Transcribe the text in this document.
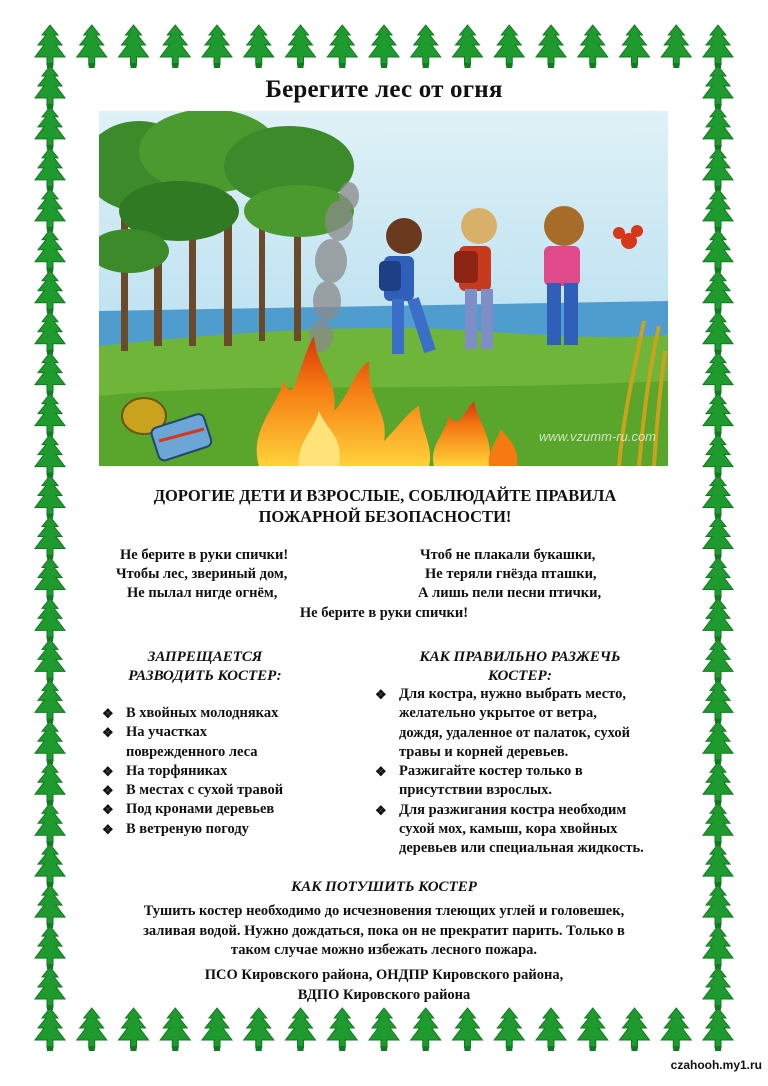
Берегите лес от огня
www.vzumm-ru.com
ДОРОГИЕ ДЕТИ И ВЗРОСЛЫЕ, СОБЛЮДАЙТЕ ПРАВИЛА
ПОЖАРНОЙ БЕЗОПАСНОСТИ!
Не берите в руки спички!
Чтобы лес, звериный дом,
Не пылал нигде огнём,
Чтоб не плакали букашки,
Не теряли гнёзда пташки,
А лишь пели песни птички,
Не берите в руки спички!
ЗАПРЕЩАЕТСЯ
РАЗВОДИТЬ КОСТЕР:
❖ В хвойных молодняках
❖ На участках
поврежденного леса
❖ На торфяниках
❖ В местах с сухой травой
❖ Под кронами деревьев
❖ В ветреную погоду
КАК ПРАВИЛЬНО РАЗЖЕЧЬ
КОСТЕР:
❖ Для костра, нужно выбрать место,
желательно укрытое от ветра,
дождя, удаленное от палаток, сухой
травы и корней деревьев.
❖ Разжигайте костер только в
присутствии взрослых.
❖ Для разжигания костра необходим
сухой мох, камыш, кора хвойных
деревьев или специальная жидкость.
КАК ПОТУШИТЬ КОСТЕР
Тушить костер необходимо до исчезновения тлеющих углей и головешек,
заливая водой. Нужно дождаться, пока он не прекратит парить. Только в
таком случае можно избежать лесного пожара.
ПСО Кировского района, ОНДПР Кировского района,
ВДПО Кировского района
czahooh.my1.ru
